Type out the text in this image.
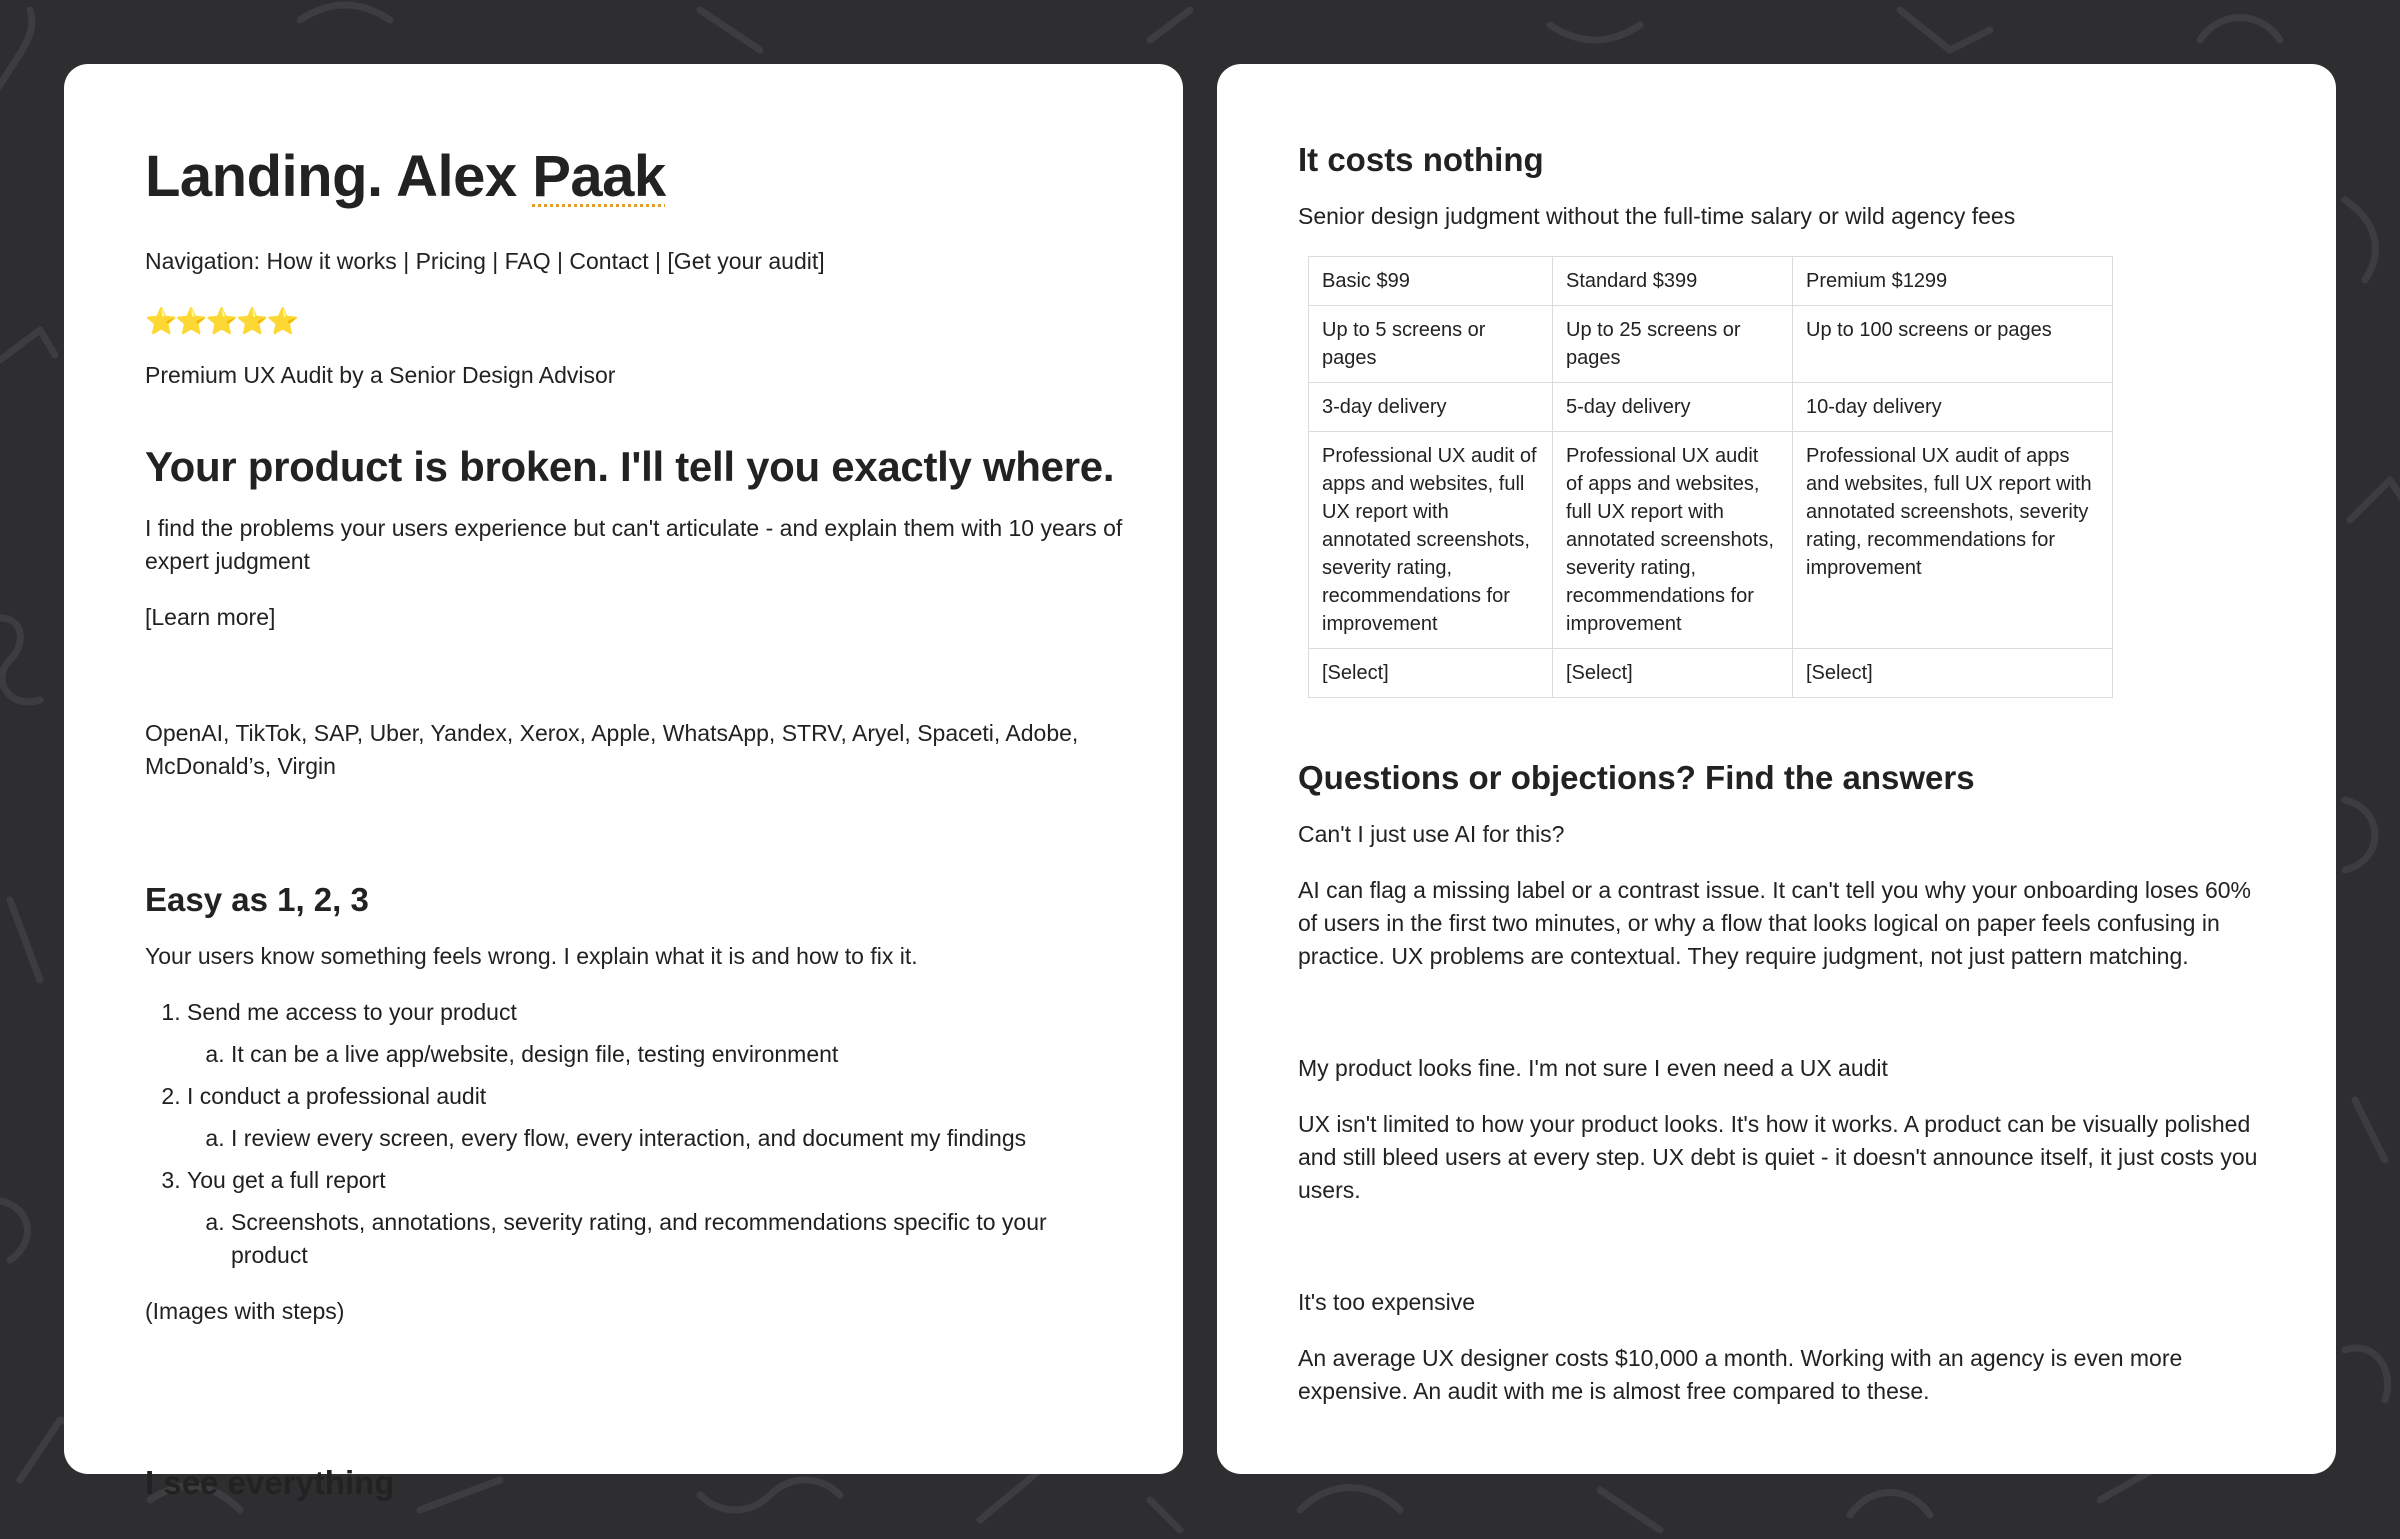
Landing. Alex Paak

Navigation: How it works | Pricing | FAQ | Contact | [Get your audit]

⭐⭐⭐⭐⭐

Premium UX Audit by a Senior Design Advisor

Your product is broken. I'll tell you exactly where.

I find the problems your users experience but can't articulate - and explain them with 10 years of expert judgment

[Learn more]

OpenAI, TikTok, SAP, Uber, Yandex, Xerox, Apple, WhatsApp, STRV, Aryel, Spaceti, Adobe, McDonald’s, Virgin

Easy as 1, 2, 3

Your users know something feels wrong. I explain what it is and how to fix it.

1. Send me access to your product
a. It can be a live app/website, design file, testing environment
2. I conduct a professional audit
a. I review every screen, every flow, every interaction, and document my findings
3. You get a full report
a. Screenshots, annotations, severity rating, and recommendations specific to your product

(Images with steps)

I see everything
It costs nothing

Senior design judgment without the full-time salary or wild agency fees

Basic $99	Standard $399	Premium $1299
Up to 5 screens or pages	Up to 25 screens or pages	Up to 100 screens or pages
3-day delivery	5-day delivery	10-day delivery
Professional UX audit of apps and websites, full UX report with annotated screenshots, severity rating, recommendations for improvement	Professional UX audit of apps and websites, full UX report with annotated screenshots, severity rating, recommendations for improvement	Professional UX audit of apps and websites, full UX report with annotated screenshots, severity rating, recommendations for improvement
[Select]	[Select]	[Select]
Questions or objections? Find the answers

Can't I just use AI for this?

AI can flag a missing label or a contrast issue. It can't tell you why your onboarding loses 60% of users in the first two minutes, or why a flow that looks logical on paper feels confusing in practice. UX problems are contextual. They require judgment, not just pattern matching.

My product looks fine. I'm not sure I even need a UX audit

UX isn't limited to how your product looks. It's how it works. A product can be visually polished and still bleed users at every step. UX debt is quiet - it doesn't announce itself, it just costs you users.

It's too expensive

An average UX designer costs $10,000 a month. Working with an agency is even more expensive. An audit with me is almost free compared to these.
